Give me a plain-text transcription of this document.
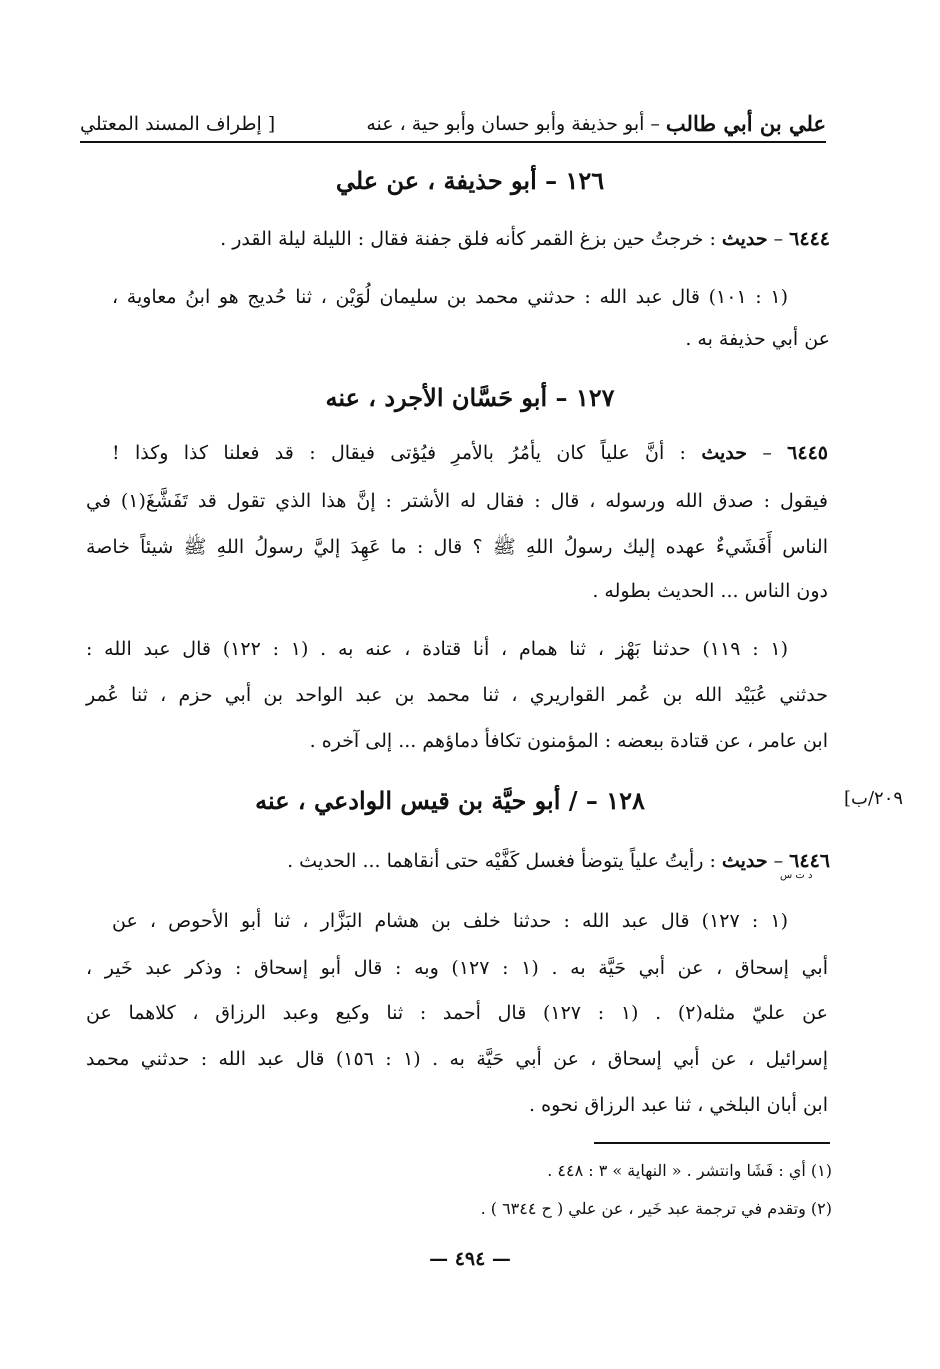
علي بن أبي طالب
–
أبو حذيفة وأبو حسان وأبو حية ، عنه
[ إطراف المسند المعتلي
١٢٦ – أبو حذيفة ، عن علي
٦٤٤٤ – حديث : خرجتُ حين بزغ القمر كأنه فلق جفنة فقال : الليلة ليلة القدر .
(١ : ١٠١) قال عبد الله : حدثني محمد بن سليمان لُوَيْن ، ثنا حُديج هو ابنُ معاوية ،
عن أبي حذيفة به .
١٢٧ – أبو حَسَّان الأجرد ، عنه
٦٤٤٥ – حديث : أنَّ علياً كان يأمُرُ بالأمرِ فيُؤتى فيقال : قد فعلنا كذا وكذا !
فيقول : صدق الله ورسوله ، قال : فقال له الأشتر : إنَّ هذا الذي تقول قد تَفَشَّغَ(١) في
الناس أَفَشَيءٌ عهده إليك رسولُ اللهِ ﷺ ؟ قال : ما عَهِدَ إليَّ رسولُ اللهِ ﷺ شيئاً خاصة
دون الناس ... الحديث بطوله .
(١ : ١١٩) حدثنا بَهْز ، ثنا همام ، أنا قتادة ، عنه به . (١ : ١٢٢) قال عبد الله :
حدثني عُبَيْد الله بن عُمر القواريري ، ثنا محمد بن عبد الواحد بن أبي حزم ، ثنا عُمر
ابن عامر ، عن قتادة ببعضه : المؤمنون تكافأ دماؤهم ... إلى آخره .
[٢٠٩/ب
١٢٨ – / أبو حيَّة بن قيس الوادعي ، عنه
٦٤٤٦ – حديث : رأيتُ علياً يتوضأ فغسل كَفَّيْه حتى أنقاهما ... الحديث .
د ت س
(١ : ١٢٧) قال عبد الله : حدثنا خلف بن هشام البَزَّار ، ثنا أبو الأحوص ، عن
أبي إسحاق ، عن أبي حَيَّة به . (١ : ١٢٧) وبه : قال أبو إسحاق : وذكر عبد خَير ،
عن عليّ مثله(٢) . (١ : ١٢٧) قال أحمد : ثنا وكيع وعبد الرزاق ، كلاهما عن
إسرائيل ، عن أبي إسحاق ، عن أبي حَيَّة به . (١ : ١٥٦) قال عبد الله : حدثني محمد
ابن أبان البلخي ، ثنا عبد الرزاق نحوه .
(١) أي : فَشَا وانتشر . « النهاية » ٣ : ٤٤٨ .
(٢) وتقدم في ترجمة عبد خَير ، عن علي ( ح ٦٣٤٤ ) .
— ٤٩٤ —
